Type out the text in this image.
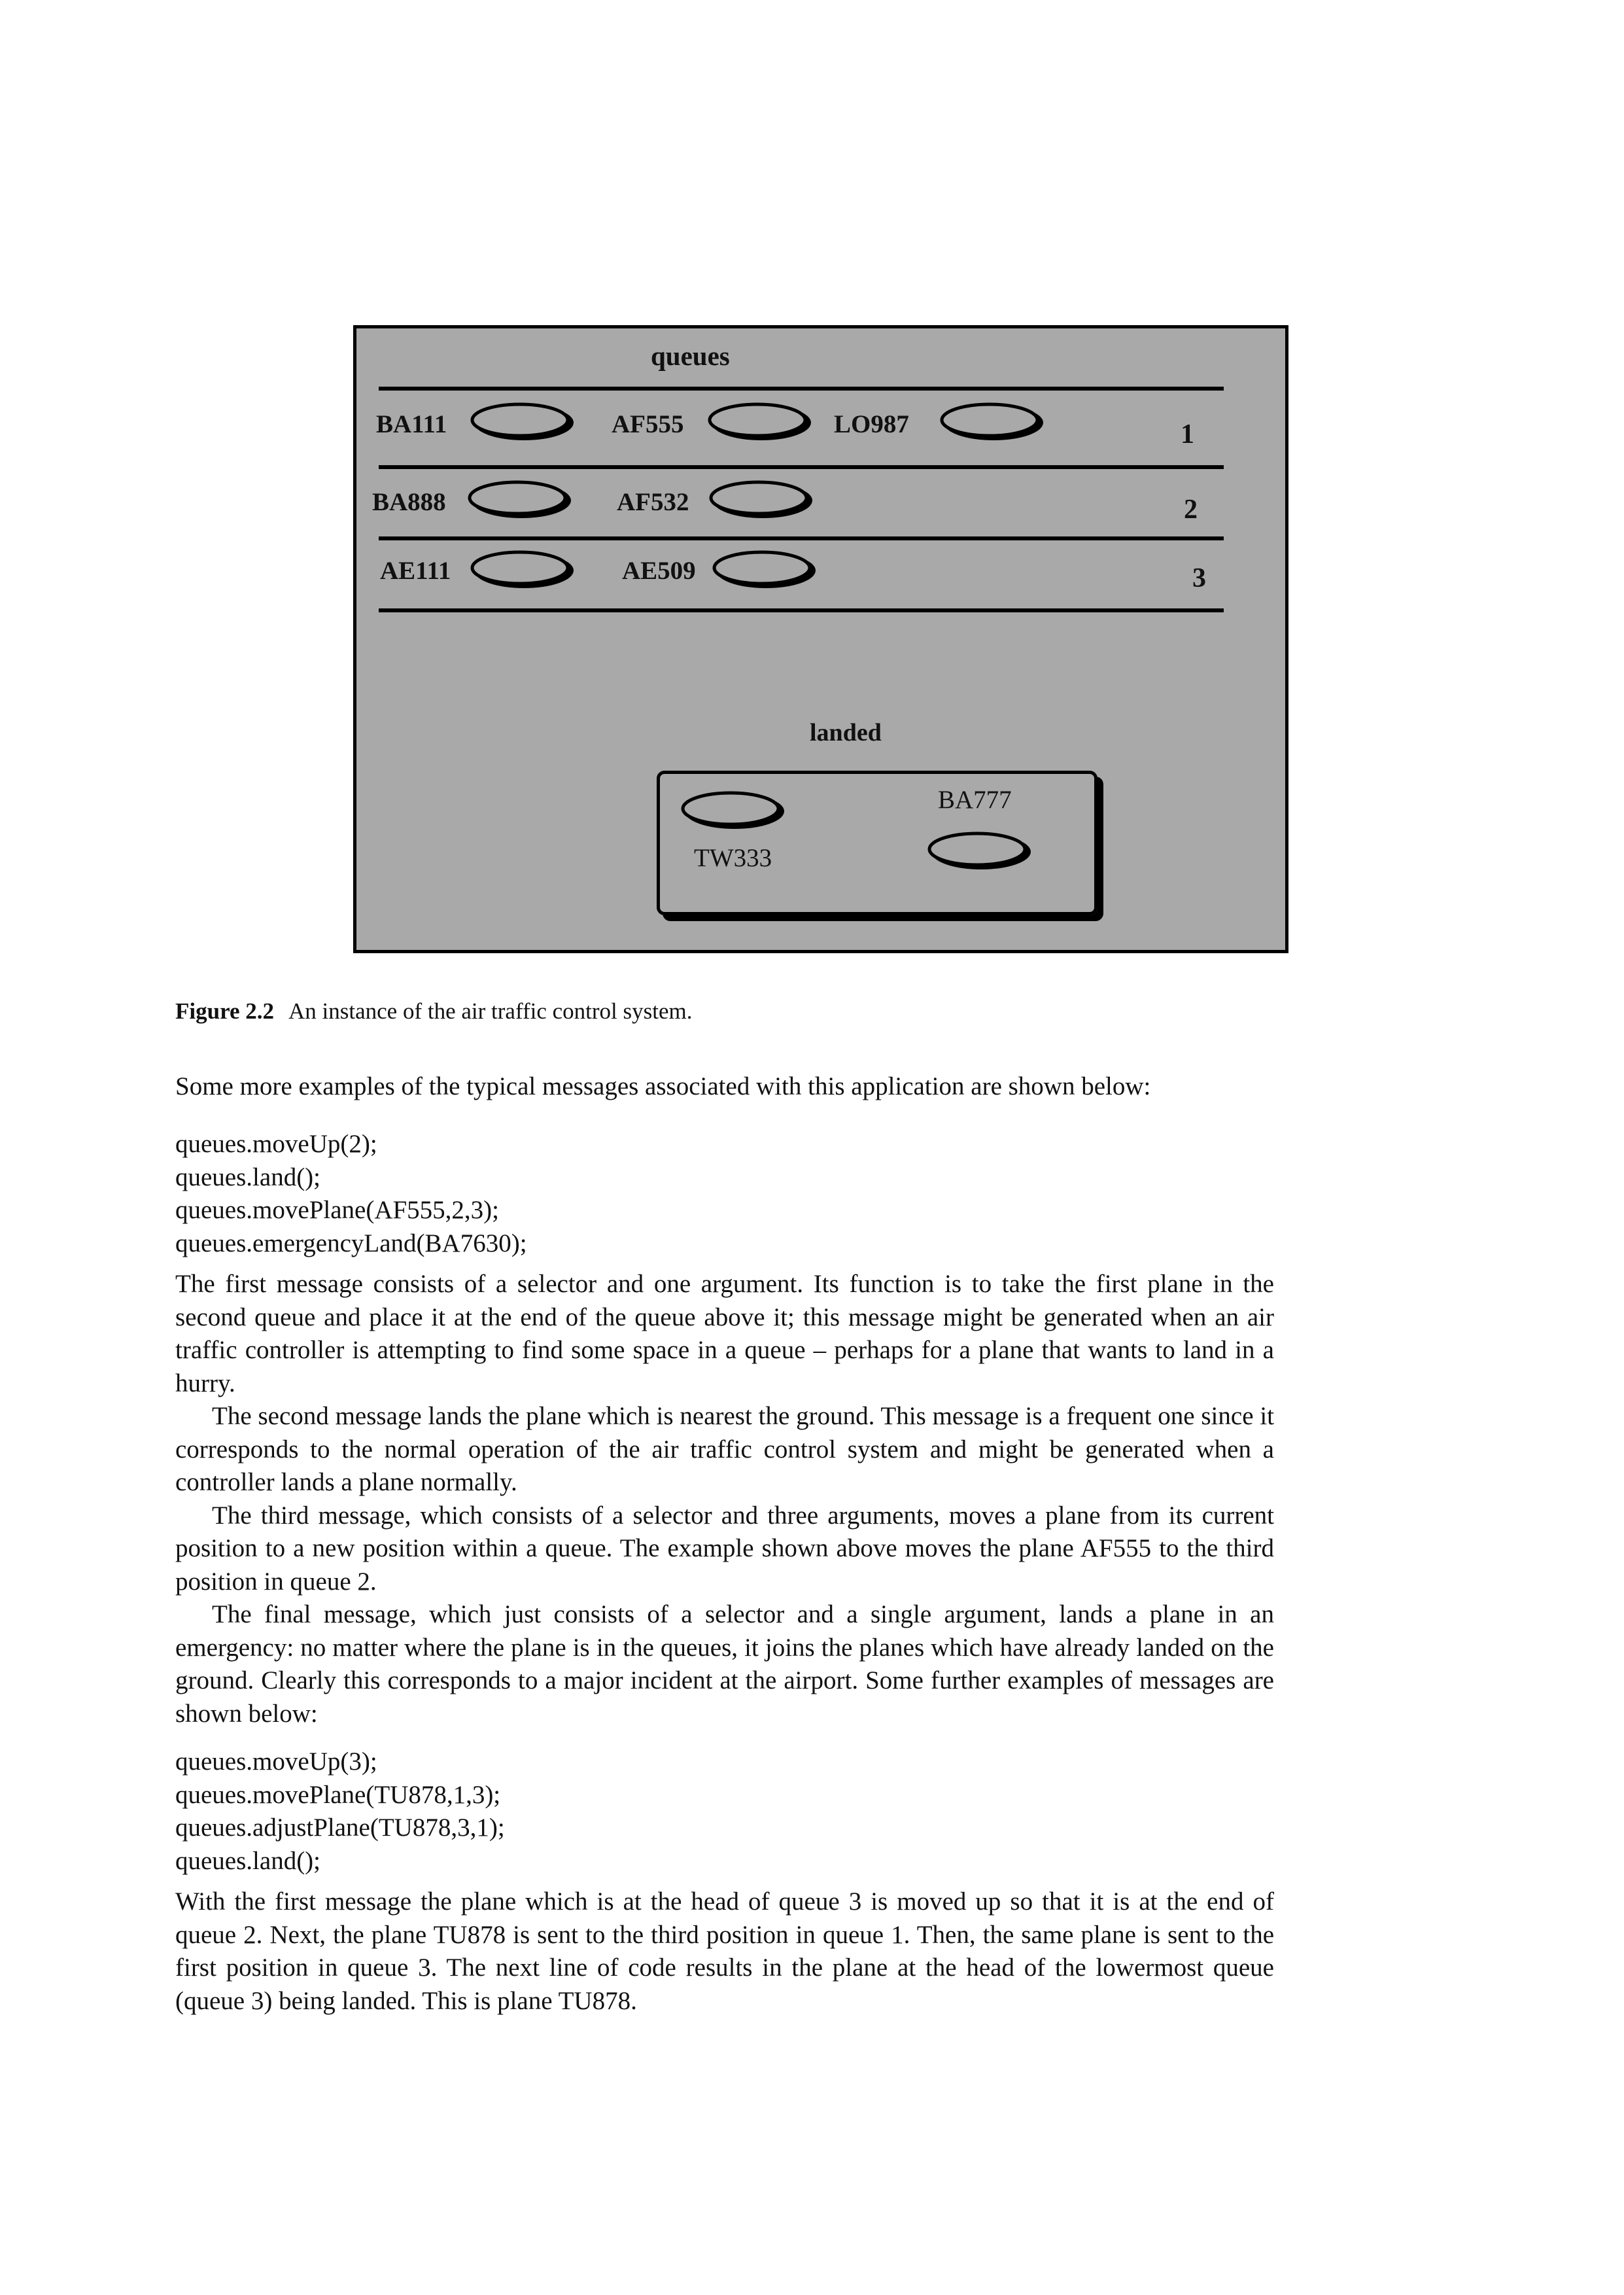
queues
BA111	AF555	LO987	1
BA888	AF532	2
AE111	AE509	3
landed
TW333
BA777
Figure 2.2 An instance of the air traffic control system.

Some more examples of the typical messages associated with this application are shown below:

queues.moveUp(2);

queues.land();

queues.movePlane(AF555,2,3);

queues.emergencyLand(BA7630);

The first message consists of a selector and one argument. Its function is to take the first plane in the second queue and place it at the end of the queue above it; this message might be generated when an air traffic controller is attempting to find some space in a queue – perhaps for a plane that wants to land in a hurry.

The second message lands the plane which is nearest the ground. This message is a frequent one since it corresponds to the normal operation of the air traffic control system and might be generated when a controller lands a plane normally.

The third message, which consists of a selector and three arguments, moves a plane from its current position to a new position within a queue. The example shown above moves the plane AF555 to the third position in queue 2.

The final message, which just consists of a selector and a single argument, lands a plane in an emergency: no matter where the plane is in the queues, it joins the planes which have already landed on the ground. Clearly this corresponds to a major incident at the airport. Some further examples of messages are shown below:

queues.moveUp(3);

queues.movePlane(TU878,1,3);

queues.adjustPlane(TU878,3,1);

queues.land();

With the first message the plane which is at the head of queue 3 is moved up so that it is at the end of queue 2. Next, the plane TU878 is sent to the third position in queue 1. Then, the same plane is sent to the first position in queue 3. The next line of code results in the plane at the head of the lowermost queue (queue 3) being landed. This is plane TU878.
